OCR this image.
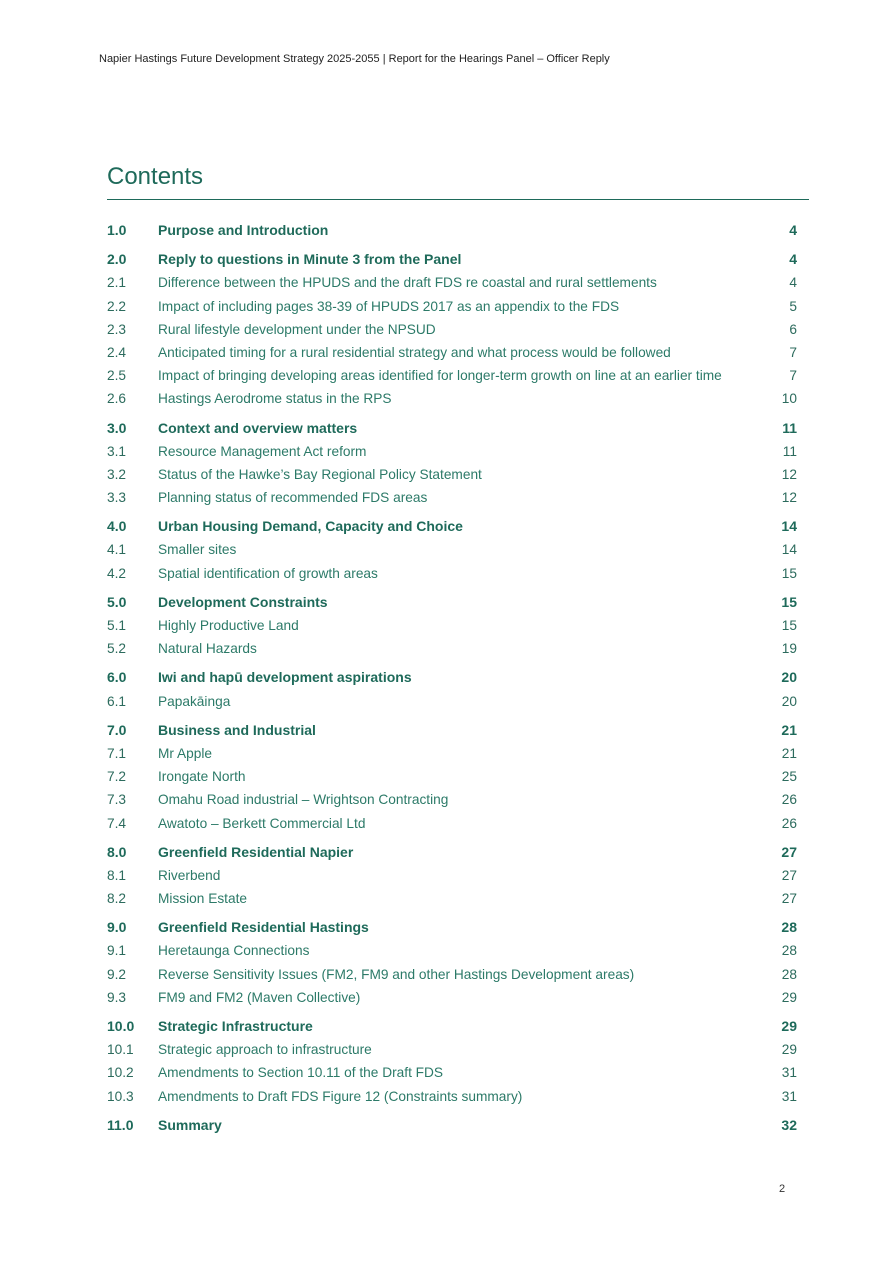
Napier Hastings Future Development Strategy 2025-2055 | Report for the Hearings Panel – Officer Reply
Contents
1.0	Purpose and Introduction	4
2.0	Reply to questions in Minute 3 from the Panel	4
2.1	Difference between the HPUDS and the draft FDS re coastal and rural settlements	4
2.2	Impact of including pages 38-39 of HPUDS 2017 as an appendix to the FDS	5
2.3	Rural lifestyle development under the NPSUD	6
2.4	Anticipated timing for a rural residential strategy and what process would be followed	7
2.5	Impact of bringing developing areas identified for longer-term growth on line at an earlier time	7
2.6	Hastings Aerodrome status in the RPS	10
3.0	Context and overview matters	11
3.1	Resource Management Act reform	11
3.2	Status of the Hawke’s Bay Regional Policy Statement	12
3.3	Planning status of recommended FDS areas	12
4.0	Urban Housing Demand, Capacity and Choice	14
4.1	Smaller sites	14
4.2	Spatial identification of growth areas	15
5.0	Development Constraints	15
5.1	Highly Productive Land	15
5.2	Natural Hazards	19
6.0	Iwi and hapū development aspirations	20
6.1	Papakāinga	20
7.0	Business and Industrial	21
7.1	Mr Apple	21
7.2	Irongate North	25
7.3	Omahu Road industrial – Wrightson Contracting	26
7.4	Awatoto – Berkett Commercial Ltd	26
8.0	Greenfield Residential Napier	27
8.1	Riverbend	27
8.2	Mission Estate	27
9.0	Greenfield Residential Hastings	28
9.1	Heretaunga Connections	28
9.2	Reverse Sensitivity Issues (FM2, FM9 and other Hastings Development areas)	28
9.3	FM9 and FM2 (Maven Collective)	29
10.0	Strategic Infrastructure	29
10.1	Strategic approach to infrastructure	29
10.2	Amendments to Section 10.11 of the Draft FDS	31
10.3	Amendments to Draft FDS Figure 12 (Constraints summary)	31
11.0	Summary	32
2
